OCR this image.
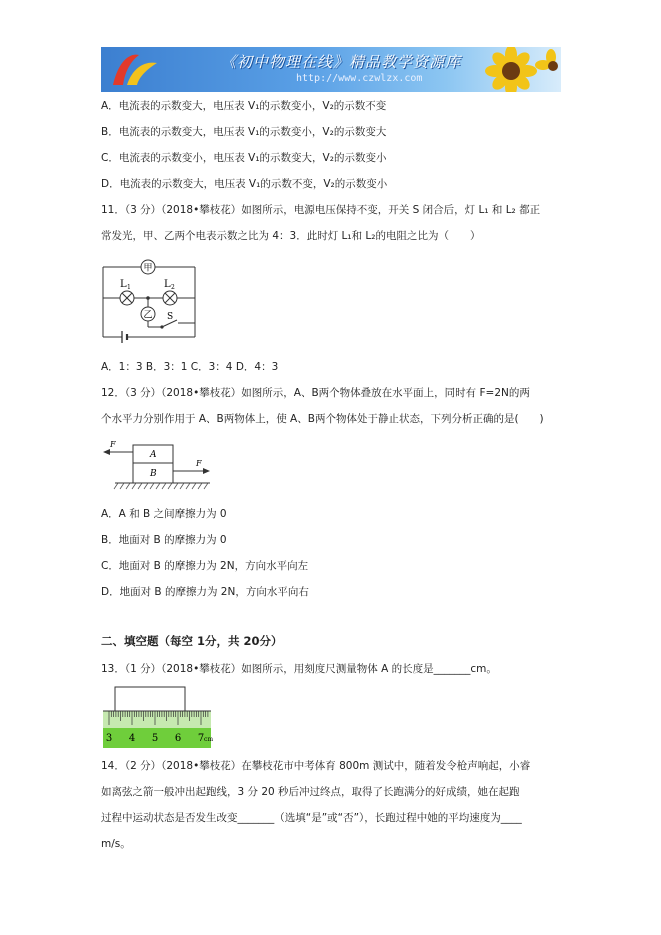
《初中物理在线》精品教学资源库
http://www.czwlzx.com
A．电流表的示数变大，电压表 V₁的示数变小，V₂的示数不变
B．电流表的示数变大，电压表 V₁的示数变小，V₂的示数变大
C．电流表的示数变小，电压表 V₁的示数变大，V₂的示数变小
D．电流表的示数变大，电压表 V₁的示数不变，V₂的示数变小
11．（3 分）（2018•攀枝花）如图所示，电源电压保持不变，开关 S 闭合后，灯 L₁ 和 L₂ 都正
常发光，甲、乙两个电表示数之比为 4：3．此时灯 L₁和 L₂的电阻之比为（　　）
甲
乙
L 1	L 2
S
A．1：3 B．3：1 C．3：4 D．4：3
12．（3 分）（2018•攀枝花）如图所示，A、B两个物体叠放在水平面上，同时有 F=2N的两
个水平力分别作用于 A、B两物体上，使 A、B两个物体处于静止状态，下列分析正确的是(　　)
F
F
A
B
A．A 和 B 之间摩擦力为 0
B．地面对 B 的摩擦力为 0
C．地面对 B 的摩擦力为 2N，方向水平向左
D．地面对 B 的摩擦力为 2N，方向水平向右
二、填空题（每空 1分，共 20分）
13．（1 分）（2018•攀枝花）如图所示，用刻度尺测量物体 A 的长度是_______cm。
3 4 5 6 7 cm
14．（2 分）（2018•攀枝花）在攀枝花市中考体育 800m 测试中，随着发令枪声响起，小睿
如离弦之箭一般冲出起跑线，3 分 20 秒后冲过终点，取得了长跑满分的好成绩，她在起跑
过程中运动状态是否发生改变_______（选填“是”或“否”），长跑过程中她的平均速度为____
m/s。
